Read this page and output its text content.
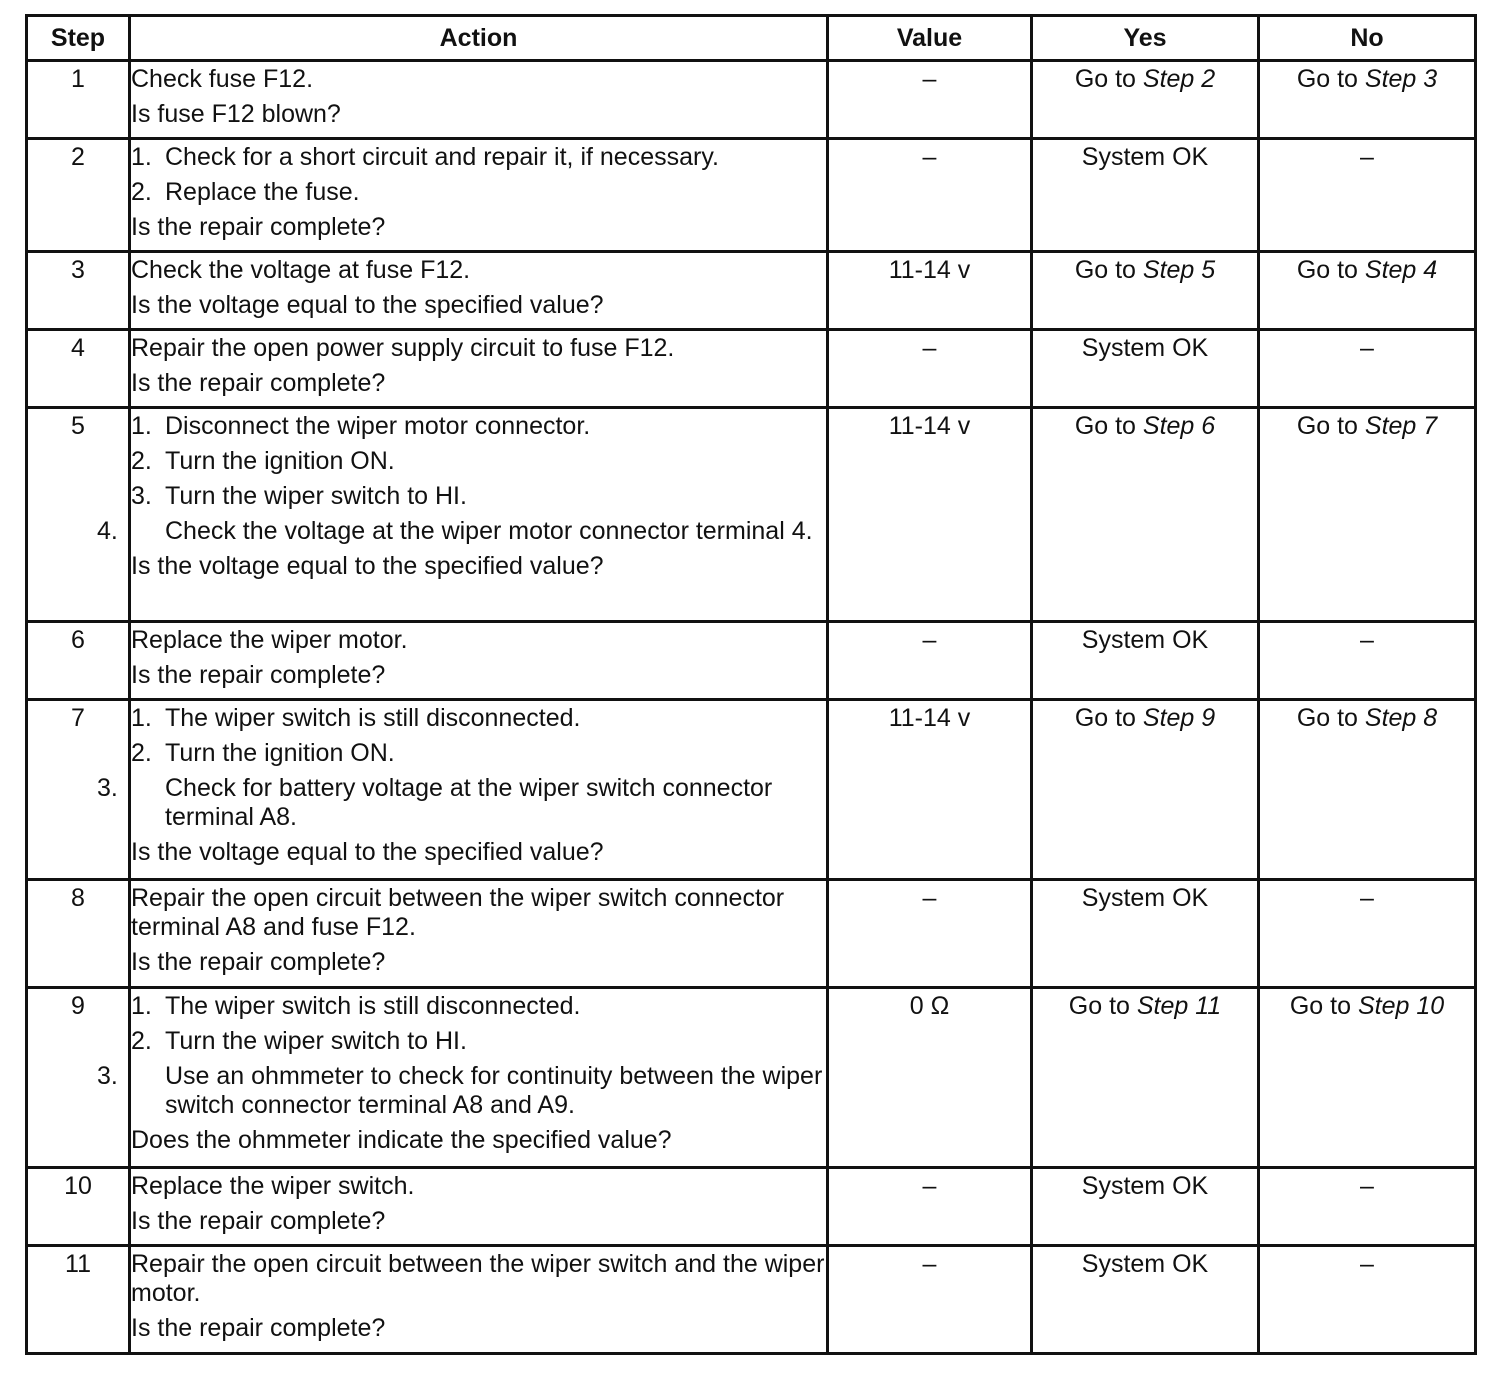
Step	Action	Value	Yes	No
1	Check fuse F12.
Is fuse F12 blown?	–	Go to Step 2	Go to Step 3
2	1. Check for a short circuit and repair it, if necessary.
2. Replace the fuse.
Is the repair complete?	–	System OK	–
3	Check the voltage at fuse F12.
Is the voltage equal to the specified value?	11-14 v	Go to Step 5	Go to Step 4
4	Repair the open power supply circuit to fuse F12.
Is the repair complete?	–	System OK	–
5	1. Disconnect the wiper motor connector.
2. Turn the ignition ON.
3. Turn the wiper switch to HI.
4. Check the voltage at the wiper motor connector terminal 4.
Is the voltage equal to the specified value?	11-14 v	Go to Step 6	Go to Step 7
6	Replace the wiper motor.
Is the repair complete?	–	System OK	–
7	1. The wiper switch is still disconnected.
2. Turn the ignition ON.
3. Check for battery voltage at the wiper switch connector terminal A8.
Is the voltage equal to the specified value?	11-14 v	Go to Step 9	Go to Step 8
8	Repair the open circuit between the wiper switch connector terminal A8 and fuse F12.
Is the repair complete?	–	System OK	–
9	1. The wiper switch is still disconnected.
2. Turn the wiper switch to HI.
3. Use an ohmmeter to check for continuity between the wiper switch connector terminal A8 and A9.
Does the ohmmeter indicate the specified value?	0 Ω	Go to Step 11	Go to Step 10
10	Replace the wiper switch.
Is the repair complete?	–	System OK	–
11	Repair the open circuit between the wiper switch and the wiper motor.
Is the repair complete?	–	System OK	–
